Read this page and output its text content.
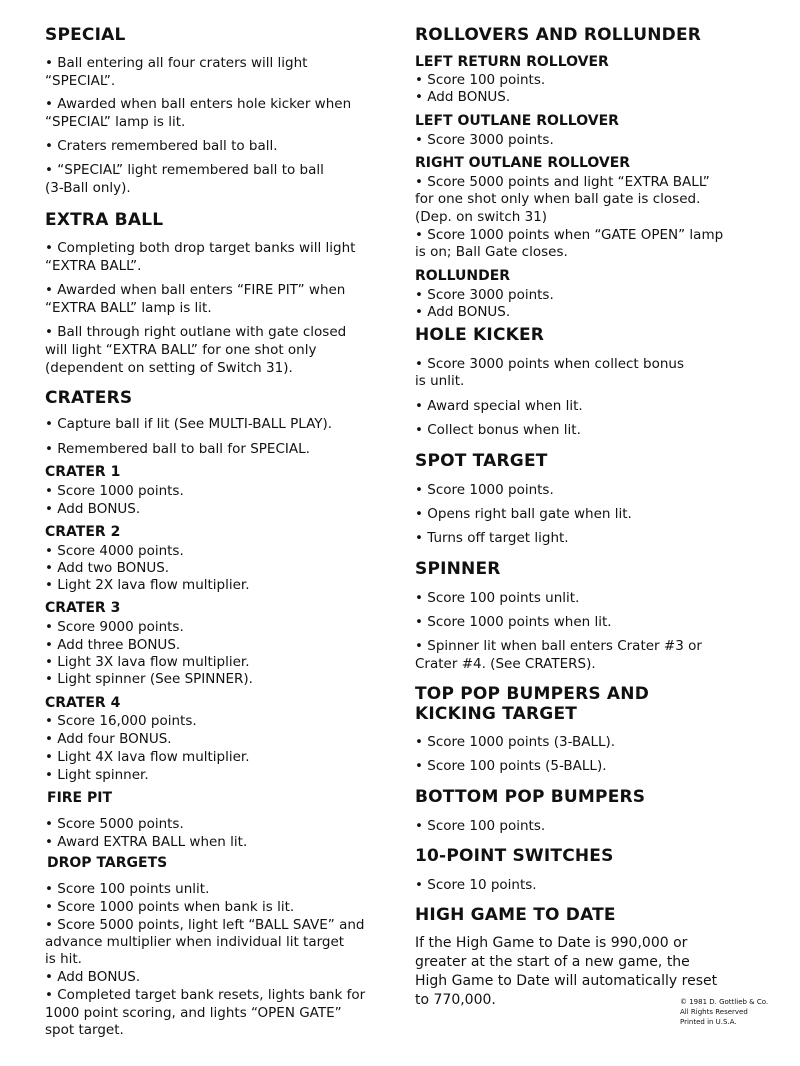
SPECIAL
• Ball entering all four craters will light
“SPECIAL”.
• Awarded when ball enters hole kicker when
“SPECIAL” lamp is lit.
• Craters remembered ball to ball.
• “SPECIAL” light remembered ball to ball
(3-Ball only).
EXTRA BALL
• Completing both drop target banks will light
“EXTRA BALL”.
• Awarded when ball enters “FIRE PIT” when
“EXTRA BALL” lamp is lit.
• Ball through right outlane with gate closed
will light “EXTRA BALL” for one shot only
(dependent on setting of Switch 31).
CRATERS
• Capture ball if lit (See MULTI-BALL PLAY).
• Remembered ball to ball for SPECIAL.
CRATER 1
• Score 1000 points.
• Add BONUS.
CRATER 2
• Score 4000 points.
• Add two BONUS.
• Light 2X lava flow multiplier.
CRATER 3
• Score 9000 points.
• Add three BONUS.
• Light 3X lava flow multiplier.
• Light spinner (See SPINNER).
CRATER 4
• Score 16,000 points.
• Add four BONUS.
• Light 4X lava flow multiplier.
• Light spinner.
FIRE PIT
• Score 5000 points.
• Award EXTRA BALL when lit.
DROP TARGETS
• Score 100 points unlit.
• Score 1000 points when bank is lit.
• Score 5000 points, light left “BALL SAVE” and
advance multiplier when individual lit target
is hit.
• Add BONUS.
• Completed target bank resets, lights bank for
1000 point scoring, and lights “OPEN GATE”
spot target.
ROLLOVERS AND ROLLUNDER
LEFT RETURN ROLLOVER
• Score 100 points.
• Add BONUS.
LEFT OUTLANE ROLLOVER
• Score 3000 points.
RIGHT OUTLANE ROLLOVER
• Score 5000 points and light “EXTRA BALL”
for one shot only when ball gate is closed.
(Dep. on switch 31)
• Score 1000 points when “GATE OPEN” lamp
is on; Ball Gate closes.
ROLLUNDER
• Score 3000 points.
• Add BONUS.
HOLE KICKER
• Score 3000 points when collect bonus
is unlit.
• Award special when lit.
• Collect bonus when lit.
SPOT TARGET
• Score 1000 points.
• Opens right ball gate when lit.
• Turns off target light.
SPINNER
• Score 100 points unlit.
• Score 1000 points when lit.
• Spinner lit when ball enters Crater #3 or
Crater #4. (See CRATERS).
TOP POP BUMPERS AND
KICKING TARGET
• Score 1000 points (3-BALL).
• Score 100 points (5-BALL).
BOTTOM POP BUMPERS
• Score 100 points.
10-POINT SWITCHES
• Score 10 points.
HIGH GAME TO DATE
If the High Game to Date is 990,000 or
greater at the start of a new game, the
High Game to Date will automatically reset
to 770,000.	© 1981 D. Gottlieb & Co.
All Rights Reserved
Printed in U.S.A.
